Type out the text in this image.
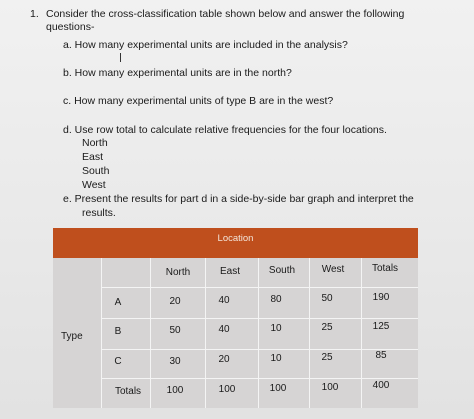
1. Consider the cross-classification table shown below and answer the following
questions-
a. How many experimental units are included in the analysis?
b. How many experimental units are in the north?
c. How many experimental units of type B are in the west?
d. Use row total to calculate relative frequencies for the four locations.
North
East
South
West
e. Present the results for part d in a side-by-side bar graph and interpret the
results.
Location
North	East	South	West	Totals
A	20	40	80	50	190
Type	B	50	40	10	25	125
C	30	20	10	25	85
Totals	100	100	100	100	400
